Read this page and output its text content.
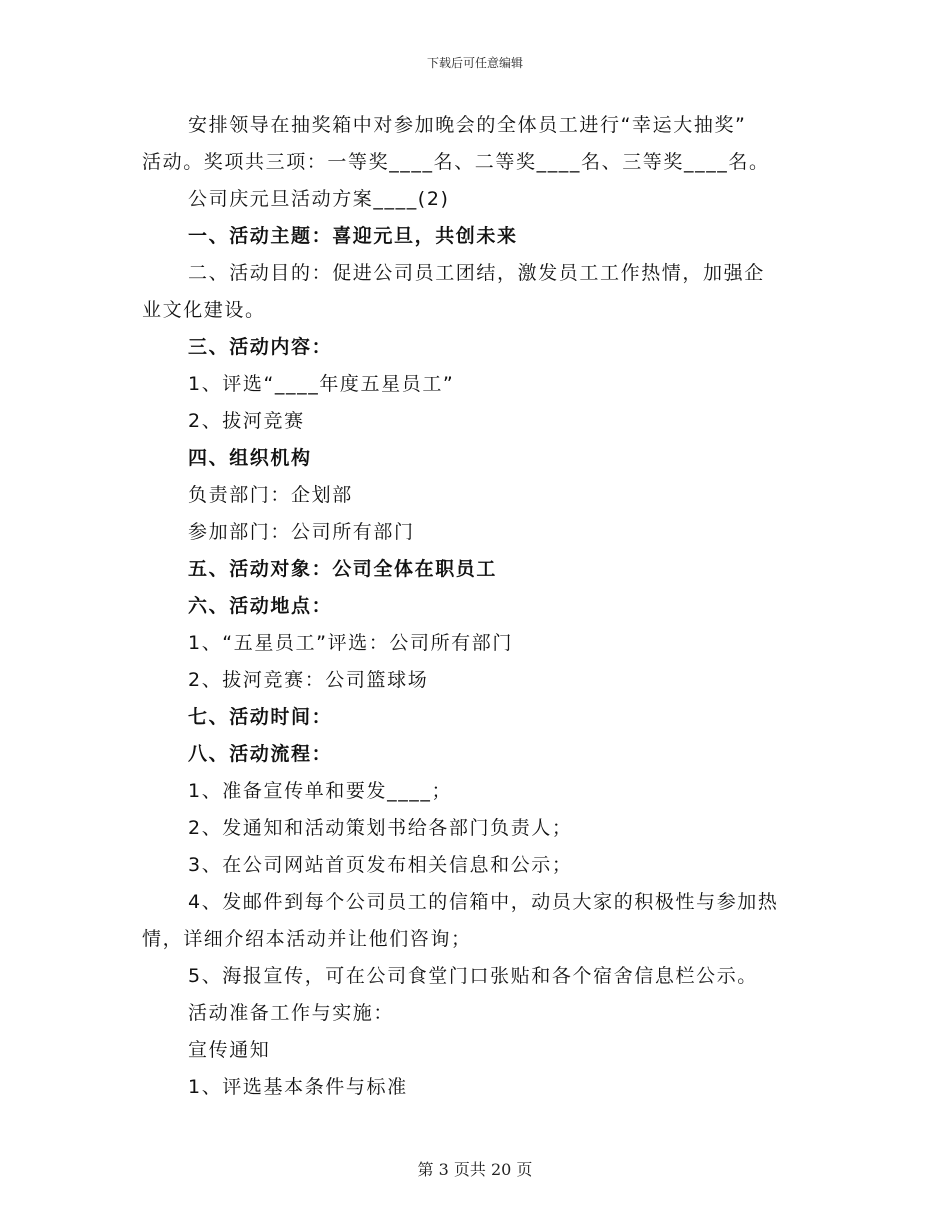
下载后可任意编辑
安排领导在抽奖箱中对参加晚会的全体员工进行“幸运大抽奖”
活动。奖项共三项：一等奖____名、二等奖____名、三等奖____名。
公司庆元旦活动方案____(2)
一、活动主题：喜迎元旦，共创未来
二、活动目的：促进公司员工团结，激发员工工作热情，加强企
业文化建设。
三、活动内容：
1、评选“____年度五星员工”
2、拔河竞赛
四、组织机构
负责部门：企划部
参加部门：公司所有部门
五、活动对象：公司全体在职员工
六、活动地点：
1、“五星员工”评选：公司所有部门
2、拔河竞赛：公司篮球场
七、活动时间：
八、活动流程：
1、准备宣传单和要发____；
2、发通知和活动策划书给各部门负责人；
3、在公司网站首页发布相关信息和公示；
4、发邮件到每个公司员工的信箱中，动员大家的积极性与参加热
情，详细介绍本活动并让他们咨询；
5、海报宣传，可在公司食堂门口张贴和各个宿舍信息栏公示。
活动准备工作与实施：
宣传通知
1、评选基本条件与标准
第 3 页共 20 页
